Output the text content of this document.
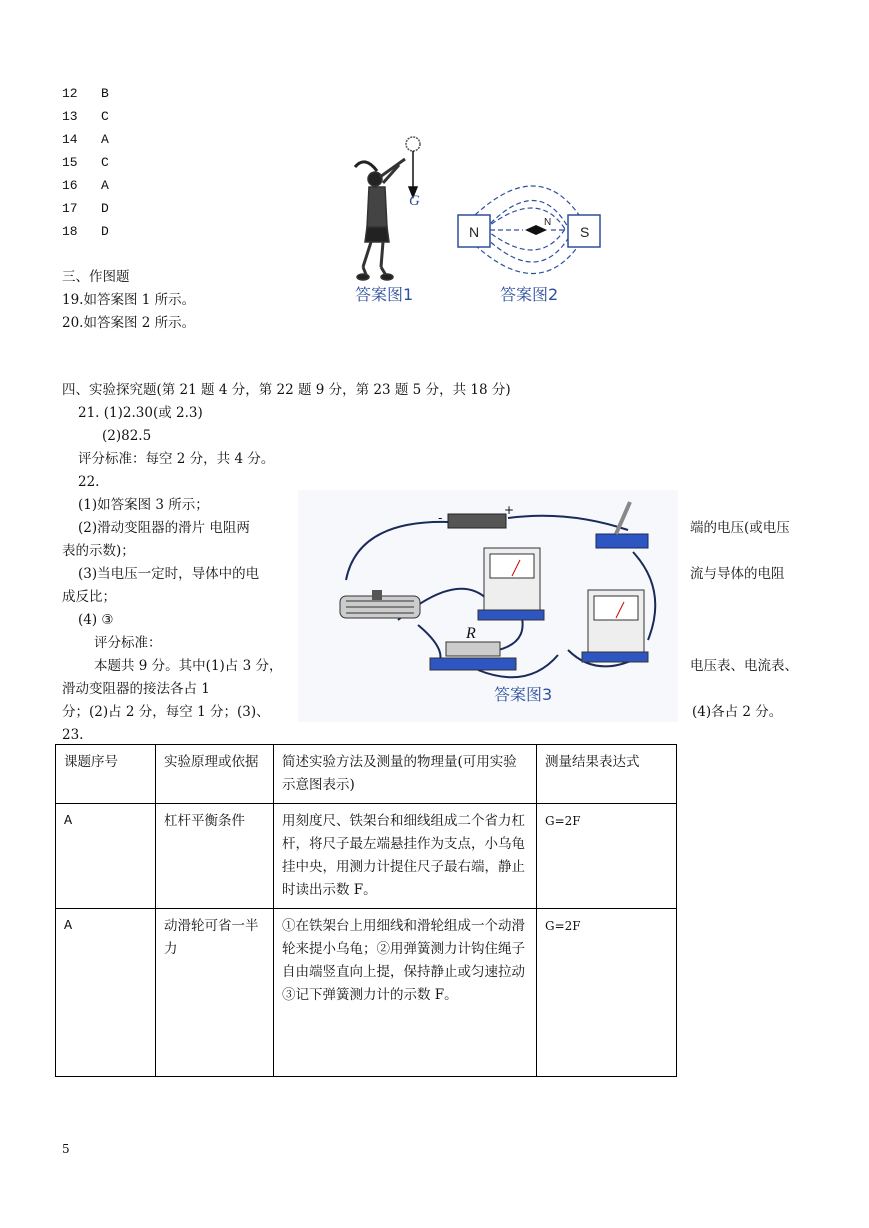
12 B
13 C
14 A
15 C
16 A
17 D
18 D
三、作图题
19.如答案图 1 所示。
20.如答案图 2 所示。
G
答案图1
N	S
N
答案图2
四、实验探究题(第 21 题 4 分，第 22 题 9 分，第 23 题 5 分，共 18 分)
21. (1)2.30(或 2.3)
(2)82.5
评分标准：每空 2 分，共 4 分。
22.
(1)如答案图 3 所示；
(2)滑动变阻器的滑片 电阻两	端的电压(或电压
表的示数)；
(3)当电压一定时，导体中的电	流与导体的电阻
成反比；
(4) ③
评分标准：
本题共 9 分。其中(1)占 3 分，	电压表、电流表、
滑动变阻器的接法各占 1
分；(2)占 2 分，每空 1 分；(3)、	(4)各占 2 分。
23.
-
+
R
答案图3
课题序号	实验原理或依据	简述实验方法及测量的物理量(可用实验示意图表示)	测量结果表达式
A	杠杆平衡条件	用刻度尺、铁架台和细线组成二个省力杠杆，将尺子最左端悬挂作为支点，小乌龟挂中央，用测力计提住尺子最右端，静止时读出示数 F。	G=2F
A	动滑轮可省一半力	①在铁架台上用细线和滑轮组成一个动滑轮来提小乌龟；②用弹簧测力计钩住绳子自由端竖直向上提，保持静止或匀速拉动③记下弹簧测力计的示数 F。	G=2F
5
